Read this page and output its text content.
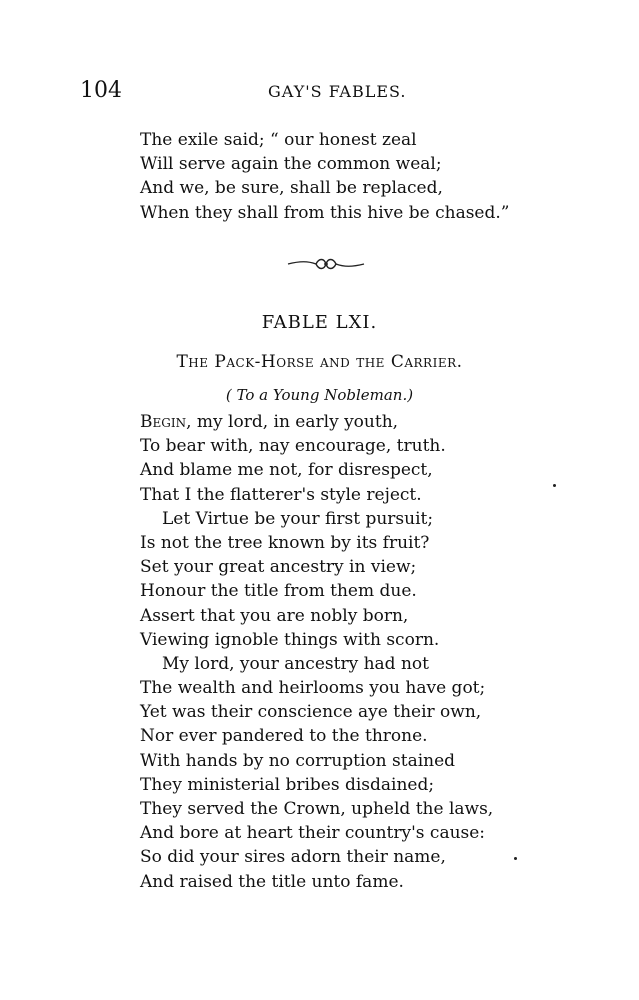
104	GAY'S FABLES.
The exile said; “ our honest zeal
Will serve again the common weal;
And we, be sure, shall be replaced,
When they shall from this hive be chased.”
FABLE LXI.
The Pack-Horse and the Carrier.
( To a Young Nobleman.)
Begin, my lord, in early youth,
To bear with, nay encourage, truth.
And blame me not, for disrespect,
That I the flatterer's style reject.
Let Virtue be your first pursuit;
Is not the tree known by its fruit?
Set your great ancestry in view;
Honour the title from them due.
Assert that you are nobly born,
Viewing ignoble things with scorn.
My lord, your ancestry had not
The wealth and heirlooms you have got;
Yet was their conscience aye their own,
Nor ever pandered to the throne.
With hands by no corruption stained
They ministerial bribes disdained;
They served the Crown, upheld the laws,
And bore at heart their country's cause:
So did your sires adorn their name,
And raised the title unto fame.
